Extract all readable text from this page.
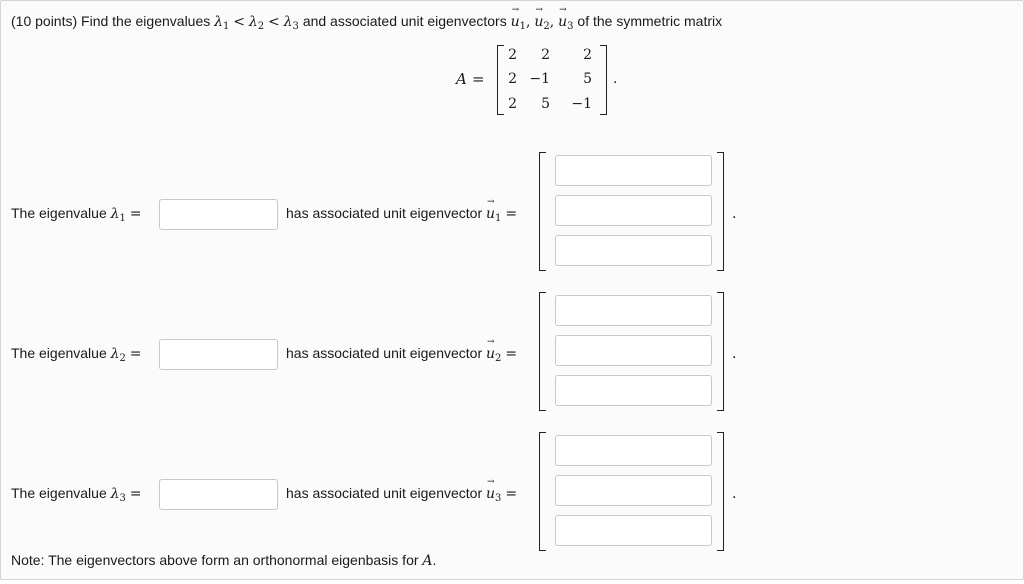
(10 points) Find the eigenvalues $\lambda_1 < \lambda_2 < \lambda_3$ and associated unit eigenvectors → $u_1$, → $u_2$, → $u_3$ of the symmetric matrix
A =
2	2	2
2 −1	5
2	5	−1
.
The eigenvalue $\lambda_1$ =	has associated unit eigenvector → $u_1$ =	.
The eigenvalue $\lambda_2$ =	has associated unit eigenvector → $u_2$ =	.
The eigenvalue $\lambda_3$ =	has associated unit eigenvector → $u_3$ =	.
Note: The eigenvectors above form an orthonormal eigenbasis for A.
